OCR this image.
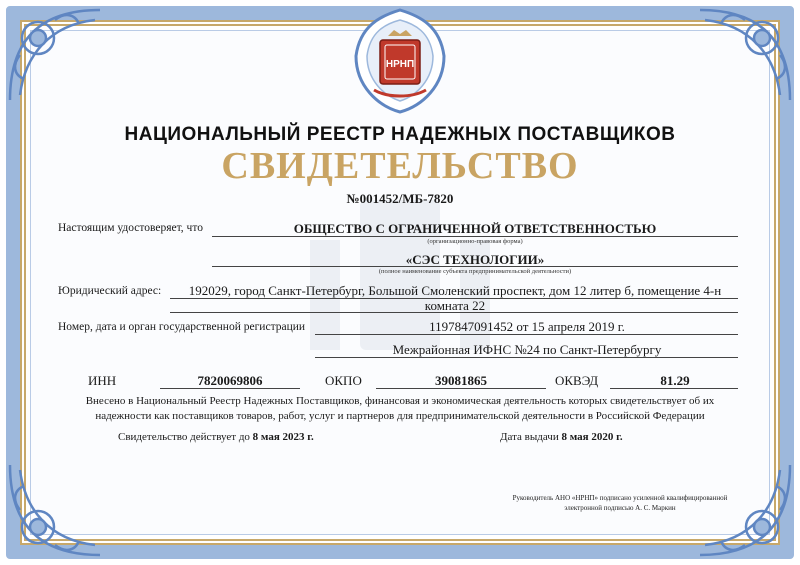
НРНП
НАЦИОНАЛЬНЫЙ РЕЕСТР НАДЕЖНЫХ ПОСТАВЩИКОВ
СВИДЕТЕЛЬСТВО
№001452/МБ-7820
Настоящим удостоверяет, что	ОБЩЕСТВО С ОГРАНИЧЕННОЙ ОТВЕТСТВЕННОСТЬЮ
(организационно-правовая форма)
«СЭС ТЕХНОЛОГИИ»
(полное наименование субъекта предпринимательской деятельности)
Юридический адрес:	192029, город Санкт-Петербург, Большой Смоленский проспект, дом 12 литер б, помещение 4-н
комната 22
Номер, дата и орган государственной регистрации	1197847091452 от 15 апреля 2019 г.
Межрайонная ИФНС №24 по Санкт-Петербургу
ИНН	7820069806	ОКПО	39081865	ОКВЭД	81.29
Внесено в Национальный Реестр Надежных Поставщиков, финансовая и экономическая деятельность которых свидетельствует об их надежности как поставщиков товаров, работ, услуг и партнеров для предпринимательской деятельности в Российской Федерации
Свидетельство действует до 8 мая 2023 г.	Дата выдачи 8 мая 2020 г.
Руководитель АНО «НРНП» подписано усиленной квалифицированной электронной подписью А. С. Маркин
